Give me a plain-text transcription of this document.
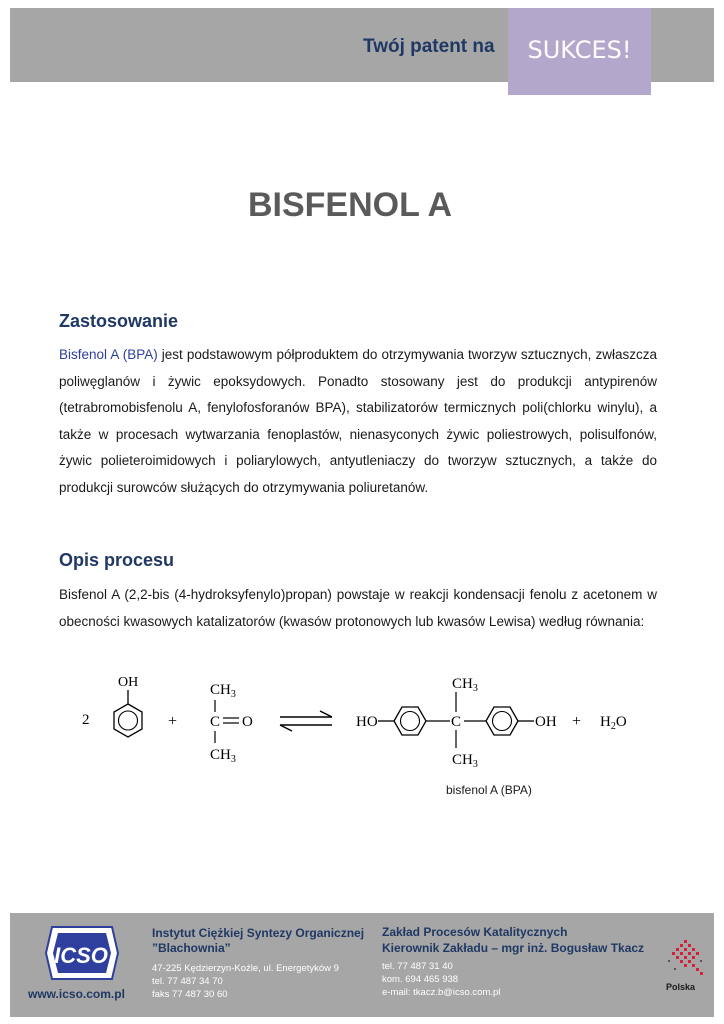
Twój patent na	SUKCES!
BISFENOL A
Zastosowanie
Bisfenol A (BPA) jest podstawowym półproduktem do otrzymywania tworzyw sztucznych, zwłaszcza poliwęglanów i żywic epoksydowych. Ponadto stosowany jest do produkcji antypirenów (tetrabromobisfenolu A, fenylofosforanów BPA), stabilizatorów termicznych poli(chlorku winylu), a także w procesach wytwarzania fenoplastów, nienasyconych żywic poliestrowych, polisulfonów, żywic polieteroimidowych i poliarylowych, antyutleniaczy do tworzyw sztucznych, a także do produkcji surowców służących do otrzymywania poliuretanów.
Opis procesu
Bisfenol A (2,2-bis (4-hydroksyfenylo)propan) powstaje w reakcji kondensacji fenolu z acetonem w obecności kwasowych katalizatorów (kwasów protonowych lub kwasów Lewisa) według równania:
2
OH
+
$CH_3$
C O
$CH_3$
HO	C
$CH_3$
$CH_3$
OH + $H_2O$
bisfenol A (BPA)
ICSO
www.icso.com.pl
Instytut Ciężkiej Syntezy Organicznej
”Blachownia”
47-225 Kędzierzyn-Koźle, ul. Energetyków 9
tel. 77 487 34 70
faks 77 487 30 60
Zakład Procesów Katalitycznych
Kierownik Zakładu – mgr inż. Bogusław Tkacz
tel. 77 487 31 40
kom. 694 465 938
e-mail: tkacz.b@icso.com.pl	Polska
